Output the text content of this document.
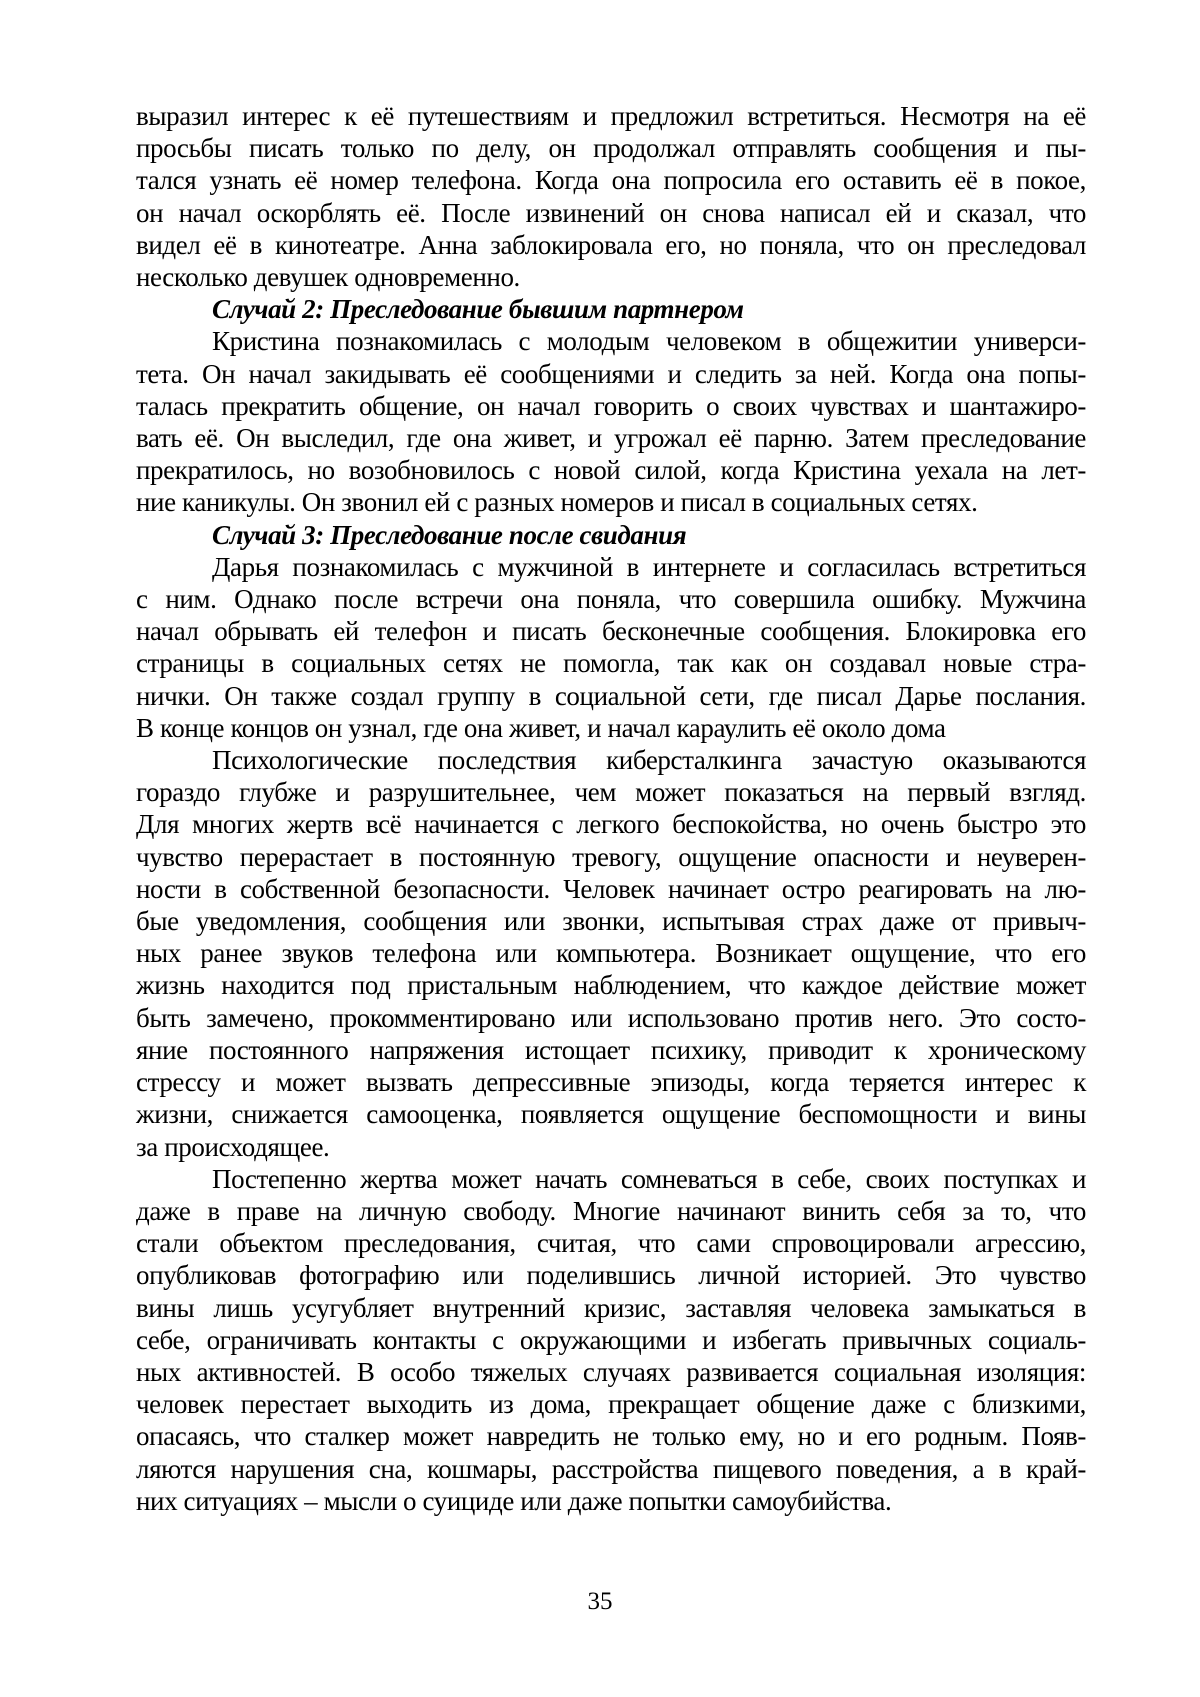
выразил интерес к её путешествиям и предложил встретиться. Несмотря на её
просьбы писать только по делу, он продолжал отправлять сообщения и пы-
тался узнать её номер телефона. Когда она попросила его оставить её в покое,
он начал оскорблять её. После извинений он снова написал ей и сказал, что
видел её в кинотеатре. Анна заблокировала его, но поняла, что он преследовал
несколько девушек одновременно.
Случай 2: Преследование бывшим партнером
Кристина познакомилась с молодым человеком в общежитии универси-
тета. Он начал закидывать её сообщениями и следить за ней. Когда она попы-
талась прекратить общение, он начал говорить о своих чувствах и шантажиро-
вать её. Он выследил, где она живет, и угрожал её парню. Затем преследование
прекратилось, но возобновилось с новой силой, когда Кристина уехала на лет-
ние каникулы. Он звонил ей с разных номеров и писал в социальных сетях.
Случай 3: Преследование после свидания
Дарья познакомилась с мужчиной в интернете и согласилась встретиться
с ним. Однако после встречи она поняла, что совершила ошибку. Мужчина
начал обрывать ей телефон и писать бесконечные сообщения. Блокировка его
страницы в социальных сетях не помогла, так как он создавал новые стра-
нички. Он также создал группу в социальной сети, где писал Дарье послания.
В конце концов он узнал, где она живет, и начал караулить её около дома
Психологические последствия киберсталкинга зачастую оказываются
гораздо глубже и разрушительнее, чем может показаться на первый взгляд.
Для многих жертв всё начинается с легкого беспокойства, но очень быстро это
чувство перерастает в постоянную тревогу, ощущение опасности и неуверен-
ности в собственной безопасности. Человек начинает остро реагировать на лю-
бые уведомления, сообщения или звонки, испытывая страх даже от привыч-
ных ранее звуков телефона или компьютера. Возникает ощущение, что его
жизнь находится под пристальным наблюдением, что каждое действие может
быть замечено, прокомментировано или использовано против него. Это состо-
яние постоянного напряжения истощает психику, приводит к хроническому
стрессу и может вызвать депрессивные эпизоды, когда теряется интерес к
жизни, снижается самооценка, появляется ощущение беспомощности и вины
за происходящее.
Постепенно жертва может начать сомневаться в себе, своих поступках и
даже в праве на личную свободу. Многие начинают винить себя за то, что
стали объектом преследования, считая, что сами спровоцировали агрессию,
опубликовав фотографию или поделившись личной историей. Это чувство
вины лишь усугубляет внутренний кризис, заставляя человека замыкаться в
себе, ограничивать контакты с окружающими и избегать привычных социаль-
ных активностей. В особо тяжелых случаях развивается социальная изоляция:
человек перестает выходить из дома, прекращает общение даже с близкими,
опасаясь, что сталкер может навредить не только ему, но и его родным. Появ-
ляются нарушения сна, кошмары, расстройства пищевого поведения, а в край-
них ситуациях – мысли о суициде или даже попытки самоубийства.
35
